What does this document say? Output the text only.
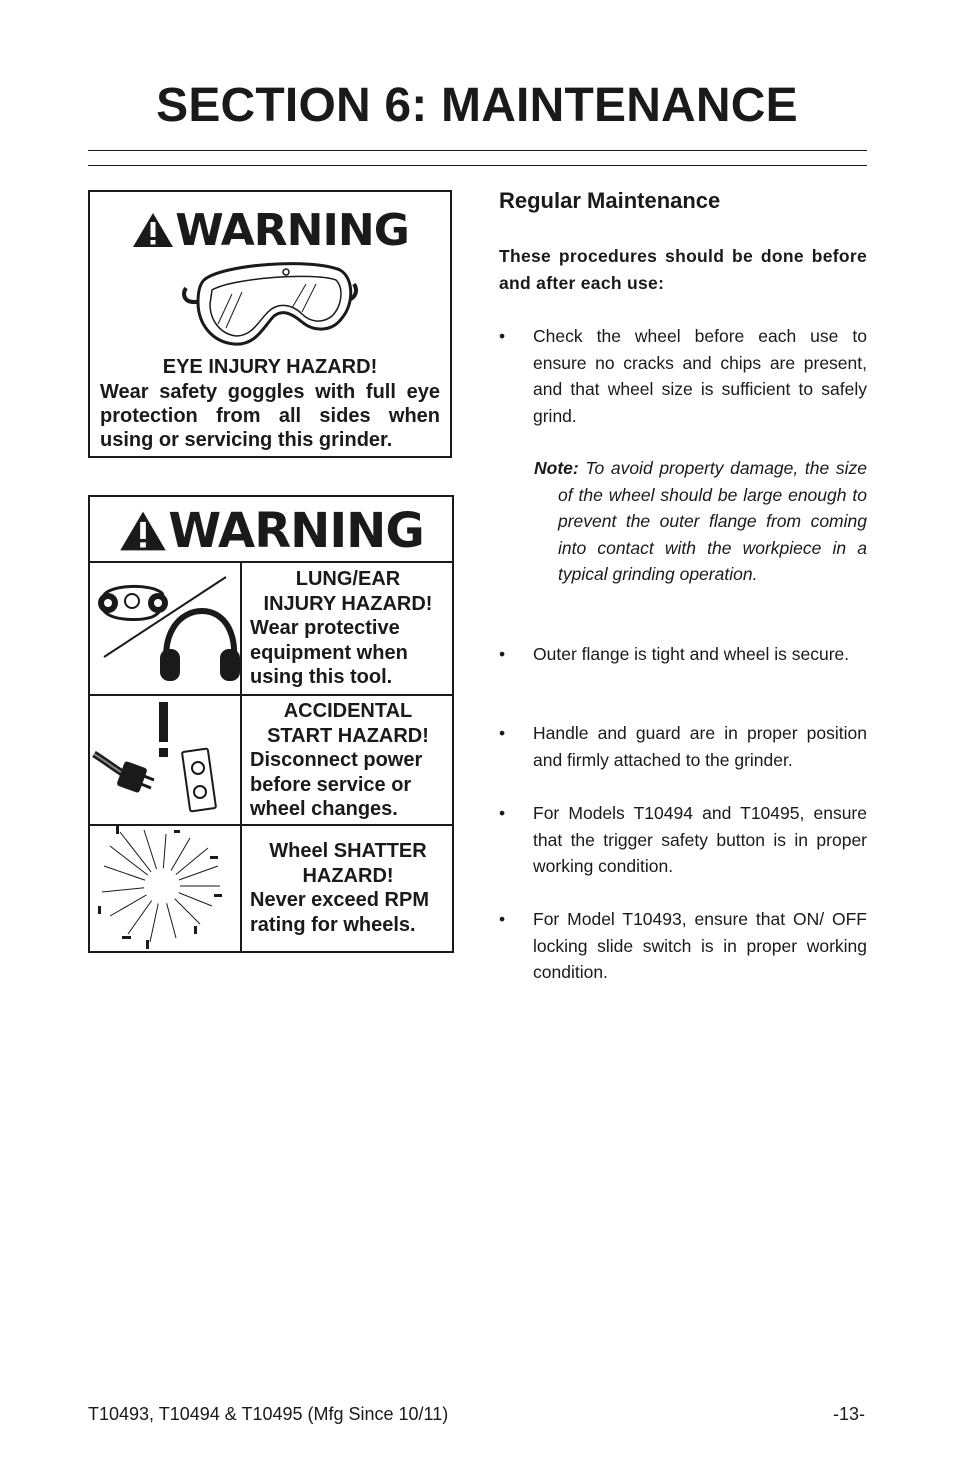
SECTION 6: MAINTENANCE
WARNING
EYE INJURY HAZARD!
Wear safety goggles with full eye protection from all sides when using or servicing this grinder.
WARNING
LUNG/EAR
INJURY HAZARD!
Wear protective equipment when using this tool.
ACCIDENTAL
START HAZARD!
Disconnect power before service or wheel changes.
Wheel SHATTER
HAZARD!
Never exceed RPM rating for wheels.
Regular Maintenance
These procedures should be done before and after each use:
• Check the wheel before each use to ensure no cracks and chips are present, and that wheel size is sufficient to safely grind.
Note: To avoid property damage, the size of the wheel should be large enough to prevent the outer flange from coming into contact with the workpiece in a typical grinding operation.
• Outer flange is tight and wheel is secure.
• Handle and guard are in proper position and firmly attached to the grinder.
• For Models T10494 and T10495, ensure that the trigger safety button is in proper working condition.
• For Model T10493, ensure that ON/ OFF locking slide switch is in proper working condition.
T10493, T10494 & T10495 (Mfg Since 10/11)	-13-
